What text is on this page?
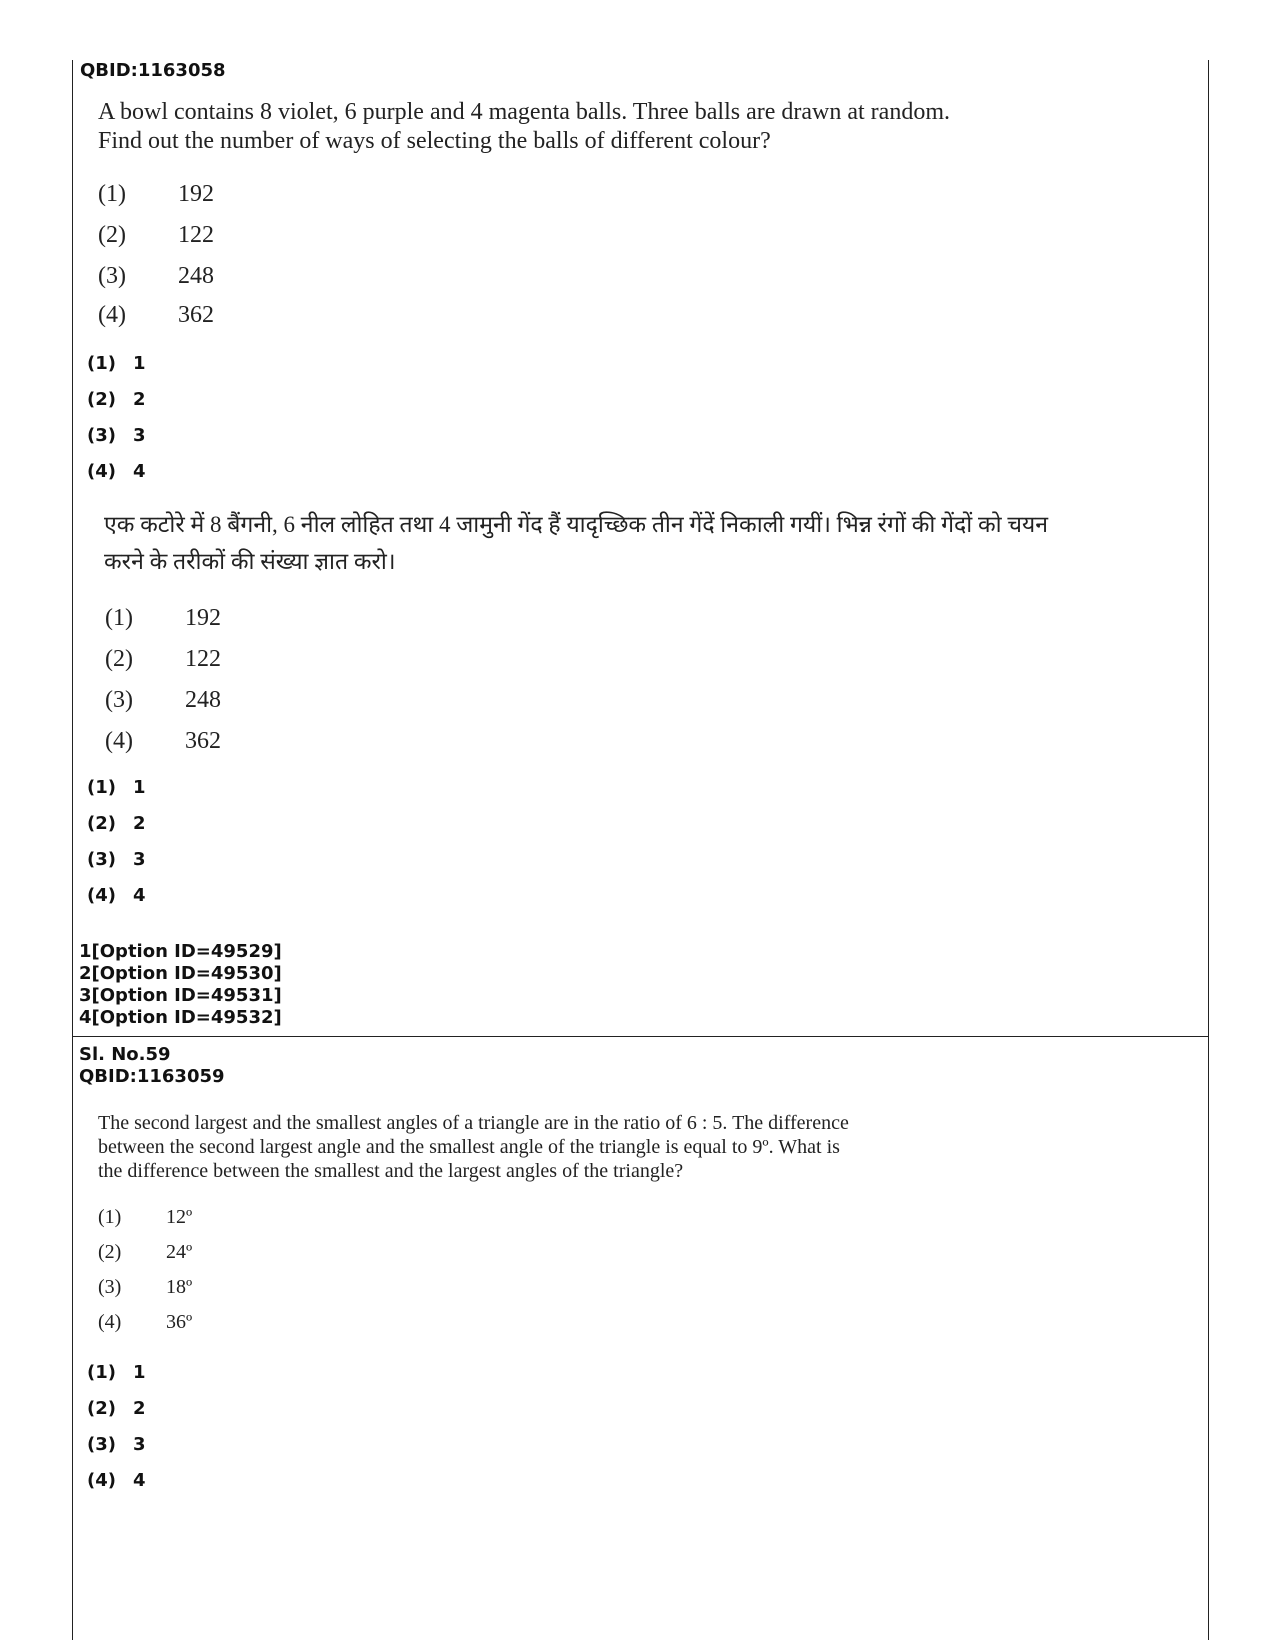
QBID:1163058
A bowl contains 8 violet, 6 purple and 4 magenta balls. Three balls are drawn at random.
Find out the number of ways of selecting the balls of different colour?
(1)	192
(2)	122
(3)	248
(4)	362
(1) 1
(2) 2
(3) 3
(4) 4
एक कटोरे में 8 बैंगनी, 6 नील लोहित तथा 4 जामुनी गेंद हैं यादृच्छिक तीन गेंदें निकाली गयीं। भिन्न रंगों की गेंदों को चयन
करने के तरीकों की संख्या ज्ञात करो।
(1)	192
(2)	122
(3)	248
(4)	362
(1) 1
(2) 2
(3) 3
(4) 4
1[Option ID=49529]
2[Option ID=49530]
3[Option ID=49531]
4[Option ID=49532]
Sl. No.59
QBID:1163059
The second largest and the smallest angles of a triangle are in the ratio of 6 : 5. The difference
between the second largest angle and the smallest angle of the triangle is equal to 9º. What is
the difference between the smallest and the largest angles of the triangle?
(1)	12º
(2)	24º
(3)	18º
(4)	36º
(1) 1
(2) 2
(3) 3
(4) 4
